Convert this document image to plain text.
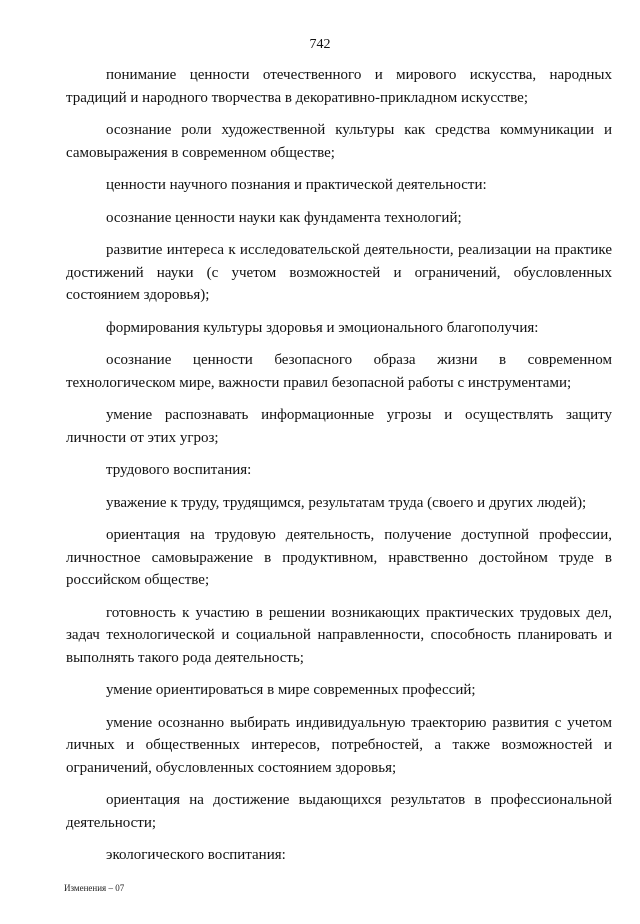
742

понимание ценности отечественного и мирового искусства, народных традиций и народного творчества в декоративно-прикладном искусстве;

осознание роли художественной культуры как средства коммуникации и самовыражения в современном обществе;

ценности научного познания и практической деятельности:

осознание ценности науки как фундамента технологий;

развитие интереса к исследовательской деятельности, реализации на практике достижений науки (с учетом возможностей и ограничений, обусловленных состоянием здоровья);

формирования культуры здоровья и эмоционального благополучия:

осознание ценности безопасного образа жизни в современном технологическом мире, важности правил безопасной работы с инструментами;

умение распознавать информационные угрозы и осуществлять защиту личности от этих угроз;

трудового воспитания:

уважение к труду, трудящимся, результатам труда (своего и других людей);

ориентация на трудовую деятельность, получение доступной профессии, личностное самовыражение в продуктивном, нравственно достойном труде в российском обществе;

готовность к участию в решении возникающих практических трудовых дел, задач технологической и социальной направленности, способность планировать и выполнять такого рода деятельность;

умение ориентироваться в мире современных профессий;

умение осознанно выбирать индивидуальную траекторию развития с учетом личных и общественных интересов, потребностей, а также возможностей и ограничений, обусловленных состоянием здоровья;

ориентация на достижение выдающихся результатов в профессиональной деятельности;

экологического воспитания:

Изменения – 07
